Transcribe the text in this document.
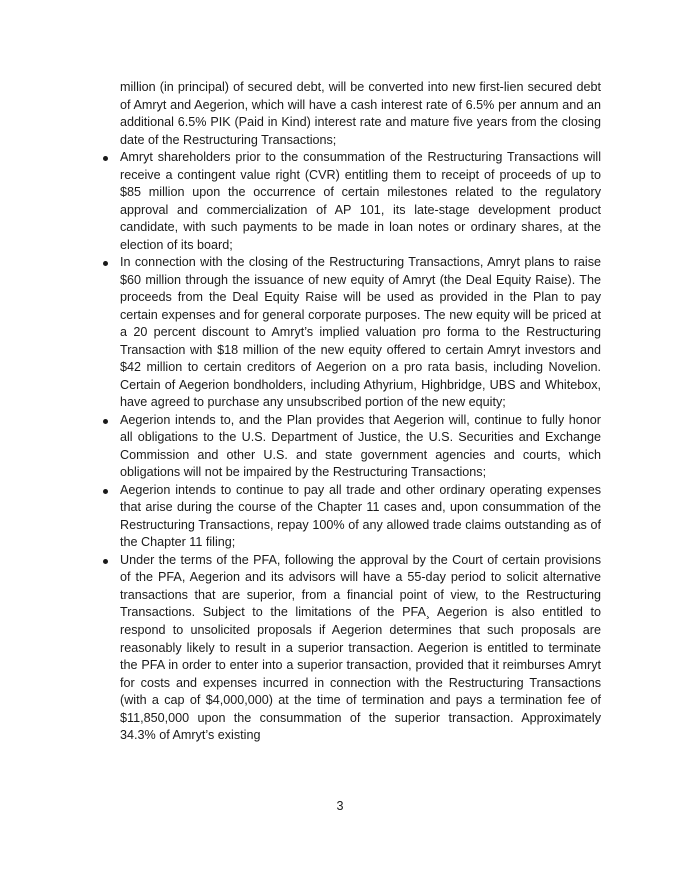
million (in principal) of secured debt, will be converted into new first-lien secured debt of Amryt and Aegerion, which will have a cash interest rate of 6.5% per annum and an additional 6.5% PIK (Paid in Kind) interest rate and mature five years from the closing date of the Restructuring Transactions;

Amryt shareholders prior to the consummation of the Restructuring Transactions will receive a contingent value right (CVR) entitling them to receipt of proceeds of up to $85 million upon the occurrence of certain milestones related to the regulatory approval and commercialization of AP 101, its late-stage development product candidate, with such payments to be made in loan notes or ordinary shares, at the election of its board;
In connection with the closing of the Restructuring Transactions, Amryt plans to raise $60 million through the issuance of new equity of Amryt (the Deal Equity Raise). The proceeds from the Deal Equity Raise will be used as provided in the Plan to pay certain expenses and for general corporate purposes. The new equity will be priced at a 20 percent discount to Amryt’s implied valuation pro forma to the Restructuring Transaction with $18 million of the new equity offered to certain Amryt investors and $42 million to certain creditors of Aegerion on a pro rata basis, including Novelion. Certain of Aegerion bondholders, including Athyrium, Highbridge, UBS and Whitebox, have agreed to purchase any unsubscribed portion of the new equity;
Aegerion intends to, and the Plan provides that Aegerion will, continue to fully honor all obligations to the U.S. Department of Justice, the U.S. Securities and Exchange Commission and other U.S. and state government agencies and courts, which obligations will not be impaired by the Restructuring Transactions;
Aegerion intends to continue to pay all trade and other ordinary operating expenses that arise during the course of the Chapter 11 cases and, upon consummation of the Restructuring Transactions, repay 100% of any allowed trade claims outstanding as of the Chapter 11 filing;
Under the terms of the PFA, following the approval by the Court of certain provisions of the PFA, Aegerion and its advisors will have a 55-day period to solicit alternative transactions that are superior, from a financial point of view, to the Restructuring Transactions. Subject to the limitations of the PFA¸ Aegerion is also entitled to respond to unsolicited proposals if Aegerion determines that such proposals are reasonably likely to result in a superior transaction. Aegerion is entitled to terminate the PFA in order to enter into a superior transaction, provided that it reimburses Amryt for costs and expenses incurred in connection with the Restructuring Transactions (with a cap of $4,000,000) at the time of termination and pays a termination fee of $11,850,000 upon the consummation of the superior transaction. Approximately 34.3% of Amryt’s existing
3
